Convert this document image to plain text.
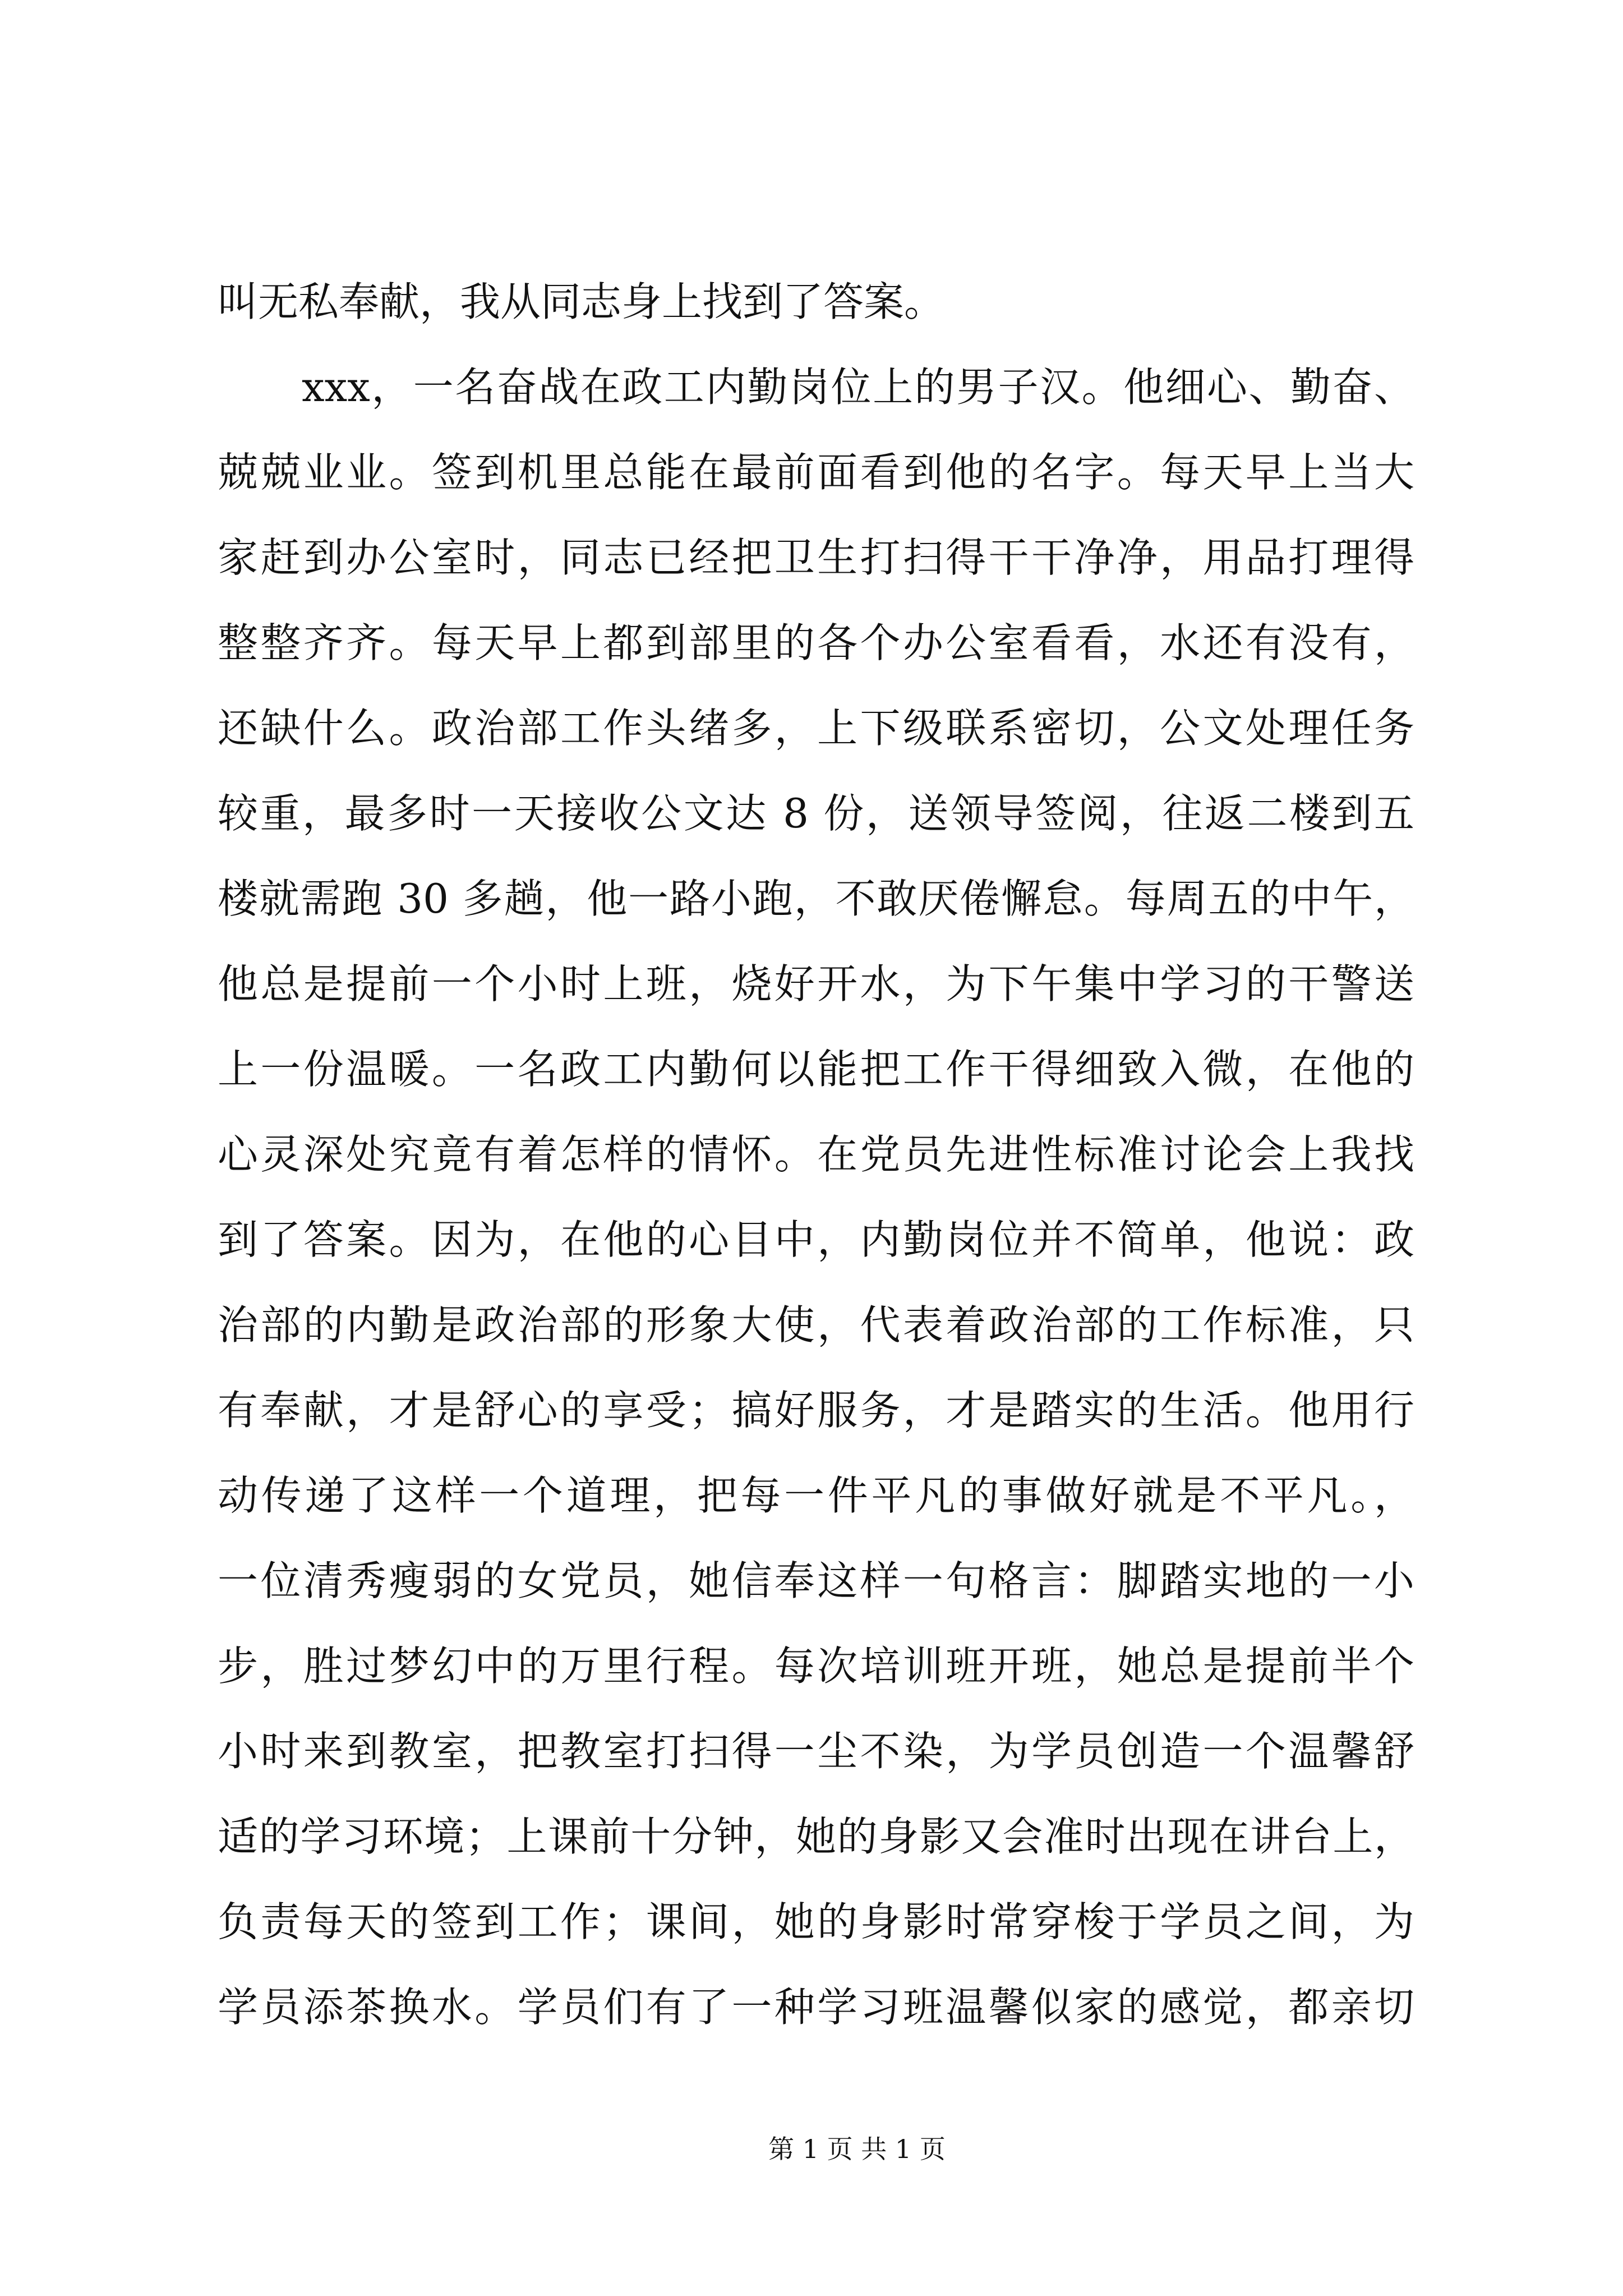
叫无私奉献，我从同志身上找到了答案。
xxx，一名奋战在政工内勤岗位上的男子汉。他细心、勤奋、
兢兢业业。签到机里总能在最前面看到他的名字。每天早上当大
家赶到办公室时，同志已经把卫生打扫得干干净净，用品打理得
整整齐齐。每天早上都到部里的各个办公室看看，水还有没有，
还缺什么。政治部工作头绪多，上下级联系密切，公文处理任务
较重，最多时一天接收公文达 8 份，送领导签阅，往返二楼到五
楼就需跑 30 多趟，他一路小跑，不敢厌倦懈怠。每周五的中午，
他总是提前一个小时上班，烧好开水，为下午集中学习的干警送
上一份温暖。一名政工内勤何以能把工作干得细致入微，在他的
心灵深处究竟有着怎样的情怀。在党员先进性标准讨论会上我找
到了答案。因为，在他的心目中，内勤岗位并不简单，他说：政
治部的内勤是政治部的形象大使，代表着政治部的工作标准，只
有奉献，才是舒心的享受；搞好服务，才是踏实的生活。他用行
动传递了这样一个道理，把每一件平凡的事做好就是不平凡。，
一位清秀瘦弱的女党员，她信奉这样一句格言：脚踏实地的一小
步，胜过梦幻中的万里行程。每次培训班开班，她总是提前半个
小时来到教室，把教室打扫得一尘不染，为学员创造一个温馨舒
适的学习环境；上课前十分钟，她的身影又会准时出现在讲台上，
负责每天的签到工作；课间，她的身影时常穿梭于学员之间，为
学员添茶换水。学员们有了一种学习班温馨似家的感觉，都亲切
第 1 页 共 1 页
